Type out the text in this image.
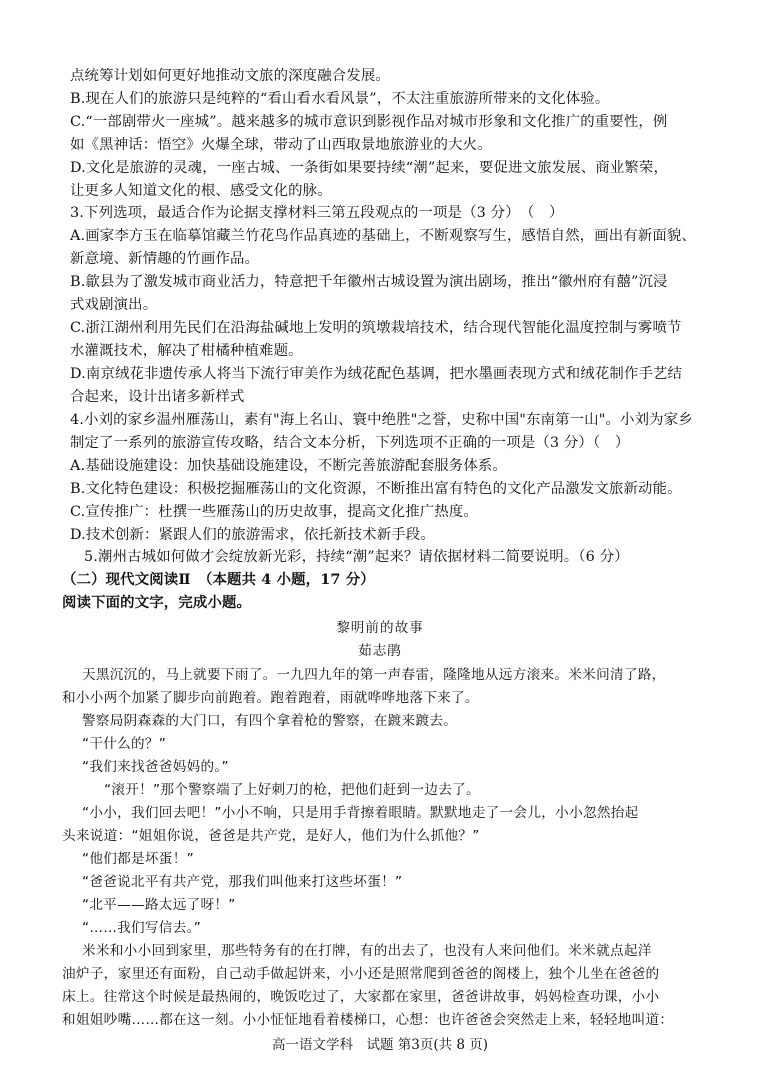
点统筹计划如何更好地推动文旅的深度融合发展。
B.现在人们的旅游只是纯粹的“看山看水看风景”，不太注重旅游所带来的文化体验。
C.“一部剧带火一座城”。越来越多的城市意识到影视作品对城市形象和文化推广的重要性，例
如《黑神话：悟空》火爆全球，带动了山西取景地旅游业的大火。
D.文化是旅游的灵魂，一座古城、一条街如果要持续“潮”起来，要促进文旅发展、商业繁荣，
让更多人知道文化的根、感受文化的脉。
3.下列选项，最适合作为论据支撑材料三第五段观点的一项是（3 分）　（　）
A.画家李方玉在临摹馆藏兰竹花鸟作品真迹的基础上，不断观察写生，感悟自然，画出有新面貌、
新意境、新情趣的竹画作品。
B.歙县为了激发城市商业活力，特意把千年徽州古城设置为演出剧场，推出“徽州府有囍”沉浸
式戏剧演出。
C.浙江湖州利用先民们在沿海盐碱地上发明的筑墩栽培技术，结合现代智能化温度控制与雾喷节
水灌溉技术，解决了柑橘种植难题。
D.南京绒花非遗传承人将当下流行审美作为绒花配色基调，把水墨画表现方式和绒花制作手艺结
合起来，设计出诸多新样式
4.小刘的家乡温州雁荡山，素有"海上名山、寰中绝胜"之誉，史称中国"东南第一山"。小刘为家乡
制定了一系列的旅游宣传攻略，结合文本分析，下列选项不正确的一项是（3 分）（　）
A.基础设施建设：加快基础设施建设，不断完善旅游配套服务体系。
B.文化特色建设：积极挖掘雁荡山的文化资源，不断推出富有特色的文化产品激发文旅新动能。
C.宣传推广：杜撰一些雁荡山的历史故事，提高文化推广热度。
D.技术创新：紧跟人们的旅游需求，依托新技术新手段。
5.潮州古城如何做才会绽放新光彩，持续“潮”起来？请依据材料二简要说明。（6 分）
（二）现代文阅读Ⅱ　（本题共 4 小题，17 分）
阅读下面的文字，完成小题。
黎明前的故事
茹志鹃
天黑沉沉的，马上就要下雨了。一九四九年的第一声春雷，隆隆地从远方滚来。米米问清了路，
和小小两个加紧了脚步向前跑着。跑着跑着，雨就哗哗地落下来了。
警察局阴森森的大门口，有四个拿着枪的警察，在踱来踱去。
“干什么的？”
“我们来找爸爸妈妈的。”
“滚开！”那个警察端了上好刺刀的枪，把他们赶到一边去了。
“小小，我们回去吧！”小小不响，只是用手背擦着眼睛。默默地走了一会儿，小小忽然抬起
头来说道：“姐姐你说，爸爸是共产党，是好人，他们为什么抓他？”
“他们都是坏蛋！”
“爸爸说北平有共产党，那我们叫他来打这些坏蛋！”
“北平——路太远了呀！”
“……我们写信去。”
米米和小小回到家里，那些特务有的在打牌，有的出去了，也没有人来问他们。米米就点起洋
油炉子，家里还有面粉，自己动手做起饼来，小小还是照常爬到爸爸的阁楼上，独个儿坐在爸爸的
床上。往常这个时候是最热闹的，晚饭吃过了，大家都在家里，爸爸讲故事，妈妈检查功课，小小
和姐姐吵嘴……都在这一刻。小小怔怔地看着楼梯口，心想：也许爸爸会突然走上来，轻轻地叫道：
高一语文学科　试题 第3页(共 8 页)
